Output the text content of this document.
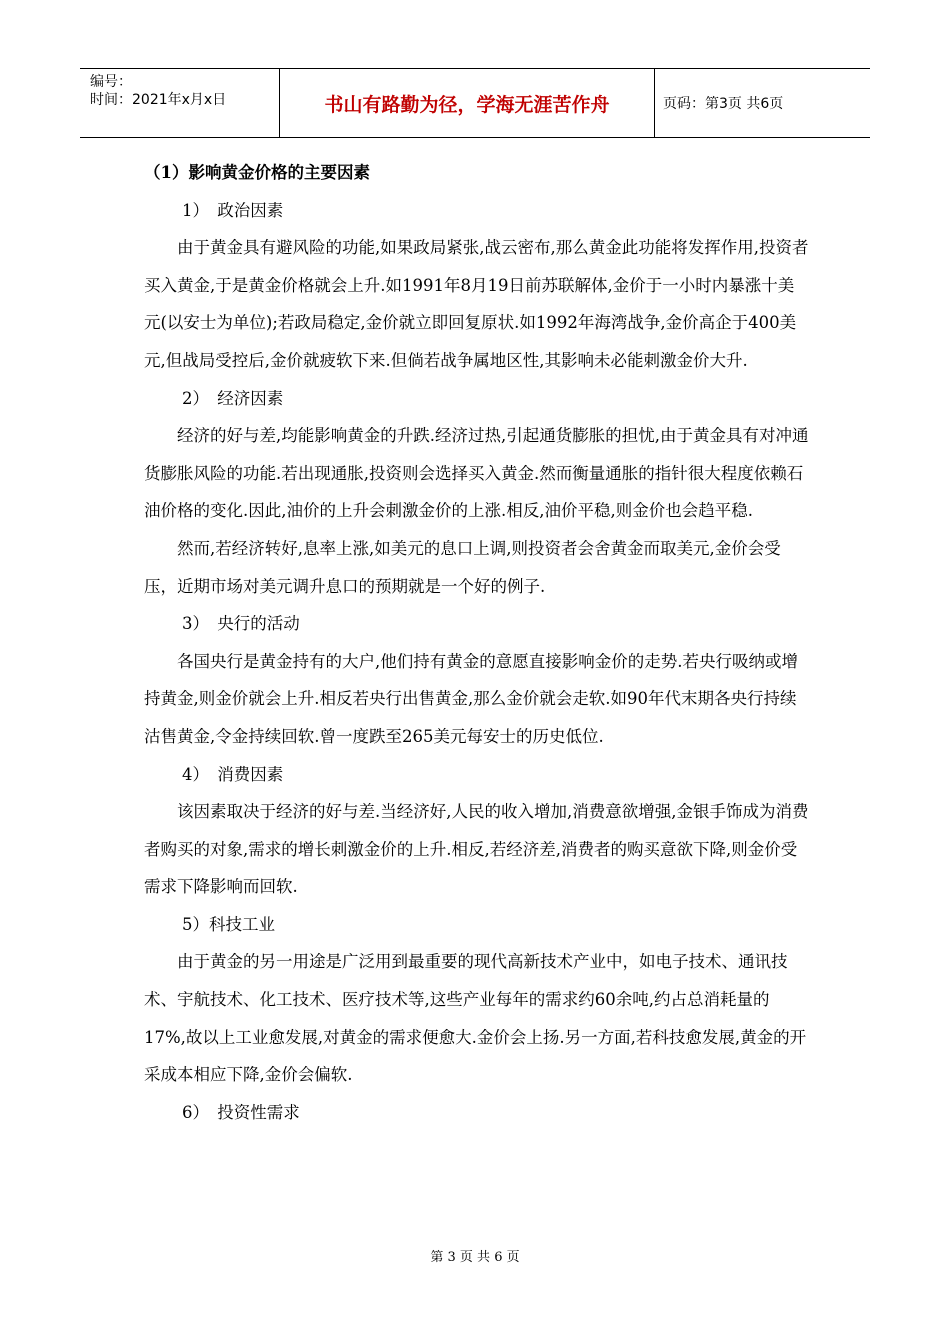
编号：
时间：2021年x月x日	书山有路勤为径，学海无涯苦作舟	页码：第3页 共6页

（1）影响黄金价格的主要因素

1）　政治因素

由于黄金具有避风险的功能,如果政局紧张,战云密布,那么黄金此功能将发挥作用,投资者买入黄金,于是黄金价格就会上升.如1991年8月19日前苏联解体,金价于一小时内暴涨十美元(以安士为单位);若政局稳定,金价就立即回复原状.如1992年海湾战争,金价高企于400美元,但战局受控后,金价就疲软下来.但倘若战争属地区性,其影响未必能刺激金价大升.

2）　经济因素

经济的好与差,均能影响黄金的升跌.经济过热,引起通货膨胀的担忧,由于黄金具有对冲通货膨胀风险的功能.若出现通胀,投资则会选择买入黄金.然而衡量通胀的指针很大程度依赖石油价格的变化.因此,油价的上升会刺激金价的上涨.相反,油价平稳,则金价也会趋平稳.

然而,若经济转好,息率上涨,如美元的息口上调,则投资者会舍黄金而取美元,金价会受压，近期市场对美元调升息口的预期就是一个好的例子.

3）　央行的活动

各国央行是黄金持有的大户,他们持有黄金的意愿直接影响金价的走势.若央行吸纳或增持黄金,则金价就会上升.相反若央行出售黄金,那么金价就会走软.如90年代末期各央行持续沽售黄金,令金持续回软.曾一度跌至265美元每安士的历史低位.

4）　消费因素

该因素取决于经济的好与差.当经济好,人民的收入增加,消费意欲增强,金银手饰成为消费者购买的对象,需求的增长刺激金价的上升.相反,若经济差,消费者的购买意欲下降,则金价受需求下降影响而回软.

5）科技工业

由于黄金的另一用途是广泛用到最重要的现代高新技术产业中，如电子技术、通讯技术、宇航技术、化工技术、医疗技术等,这些产业每年的需求约60余吨,约占总消耗量的17%,故以上工业愈发展,对黄金的需求便愈大.金价会上扬.另一方面,若科技愈发展,黄金的开采成本相应下降,金价会偏软.

6）　投资性需求

第 3 页 共 6 页
